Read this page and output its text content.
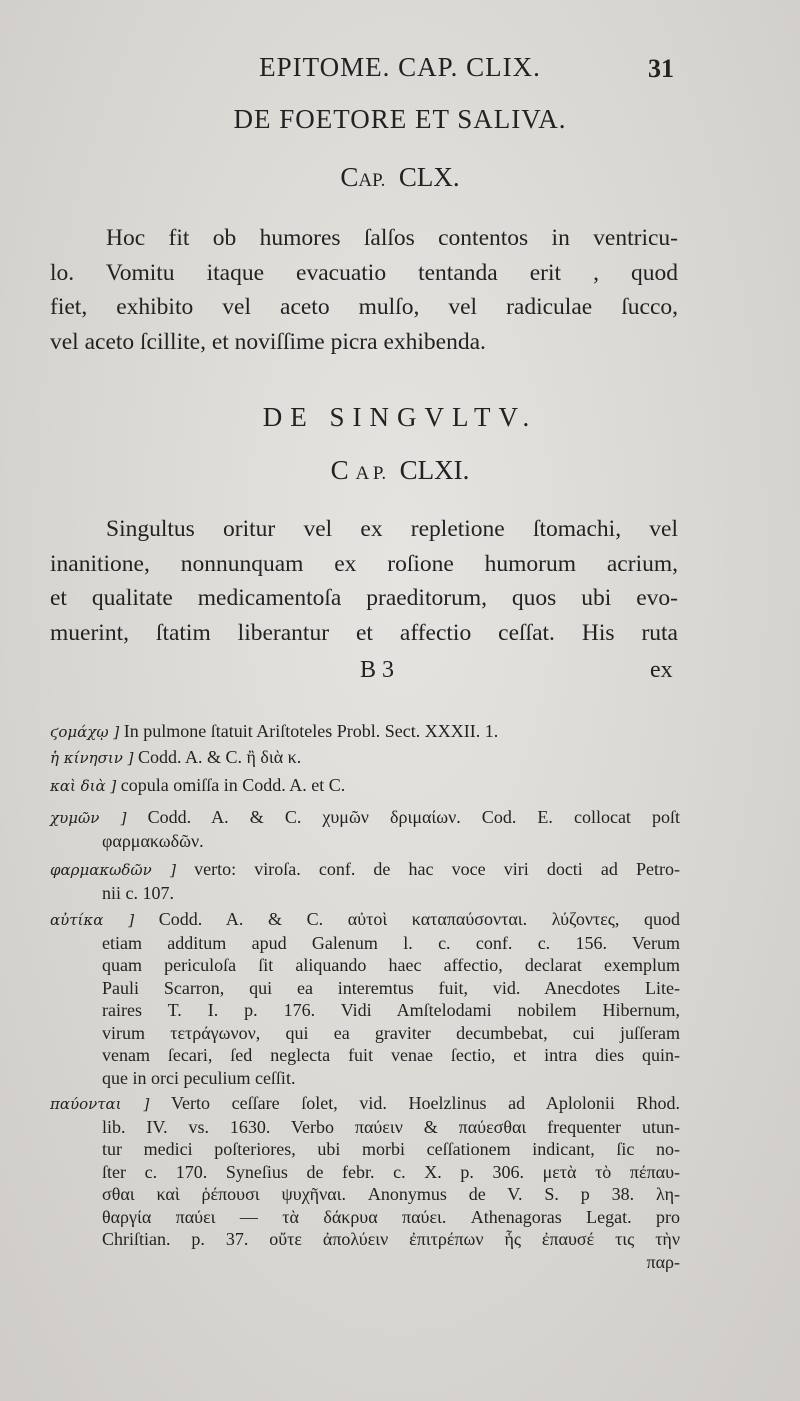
EPITOME. CAP. CLIX.	31
DE FOETORE ET SALIVA.
CAP. CLX.

Hoc fit ob humores ſalſos contentos in ventricu-
lo. Vomitu itaque evacuatio tentanda erit , quod
fiet, exhibito vel aceto mulſo, vel radiculae ſucco,
vel aceto ſcillite, et noviſſime picra exhibenda.

DE SINGVLTV.
C A P. CLXI.

Singultus oritur vel ex repletione ſtomachi, vel
inanitione, nonnunquam ex roſione humorum acrium,
et qualitate medicamentoſa praeditorum, quos ubi evo-
muerint, ſtatim liberantur et affectio ceſſat. His ruta

B 3	ex
ϛομάχῳ ] In pulmone ſtatuit Ariſtoteles Probl. Sect. XXXII. 1.
ἡ κίνησιν ] Codd. A. & C. ἢ διὰ κ.
καὶ διὰ ] copula omiſſa in Codd. A. et C.
χυμῶν ] Codd. A. & C. χυμῶν δριμαίων. Cod. E. collocat poſt
φαρμακωδῶν.
φαρμακωδῶν ] verto: viroſa. conf. de hac voce viri docti ad Petro-
nii c. 107.
αὐτίκα ] Codd. A. & C. αὐτοὶ καταπαύσονται. λύζοντες, quod
etiam additum apud Galenum l. c. conf. c. 156. Verum
quam periculoſa ſit aliquando haec affectio, declarat exemplum
Pauli Scarron, qui ea interemtus fuit, vid. Anecdotes Lite-
raires T. I. p. 176. Vidi Amſtelodami nobilem Hibernum,
virum τετράγωνον, qui ea graviter decumbebat, cui juſſeram
venam ſecari, ſed neglecta fuit venae ſectio, et intra dies quin-
que in orci peculium ceſſit.
παύονται ] Verto ceſſare ſolet, vid. Hoelzlinus ad Aplolonii Rhod.
lib. IV. vs. 1630. Verbo παύειν & παύεσθαι frequenter utun-
tur medici poſteriores, ubi morbi ceſſationem indicant, ſic no-
ſter c. 170. Syneſius de febr. c. X. p. 306. μετὰ τὸ πέπαυ-
σθαι καὶ ῥέπουσι ψυχῆναι. Anonymus de V. S. p 38. λη-
θαργία παύει — τὰ δάκρυα παύει. Athenagoras Legat. pro
Chriſtian. p. 37. οὔτε ἀπολύειν ἐπιτρέπων ἧς ἐπαυσέ τις τὴν
παρ-
